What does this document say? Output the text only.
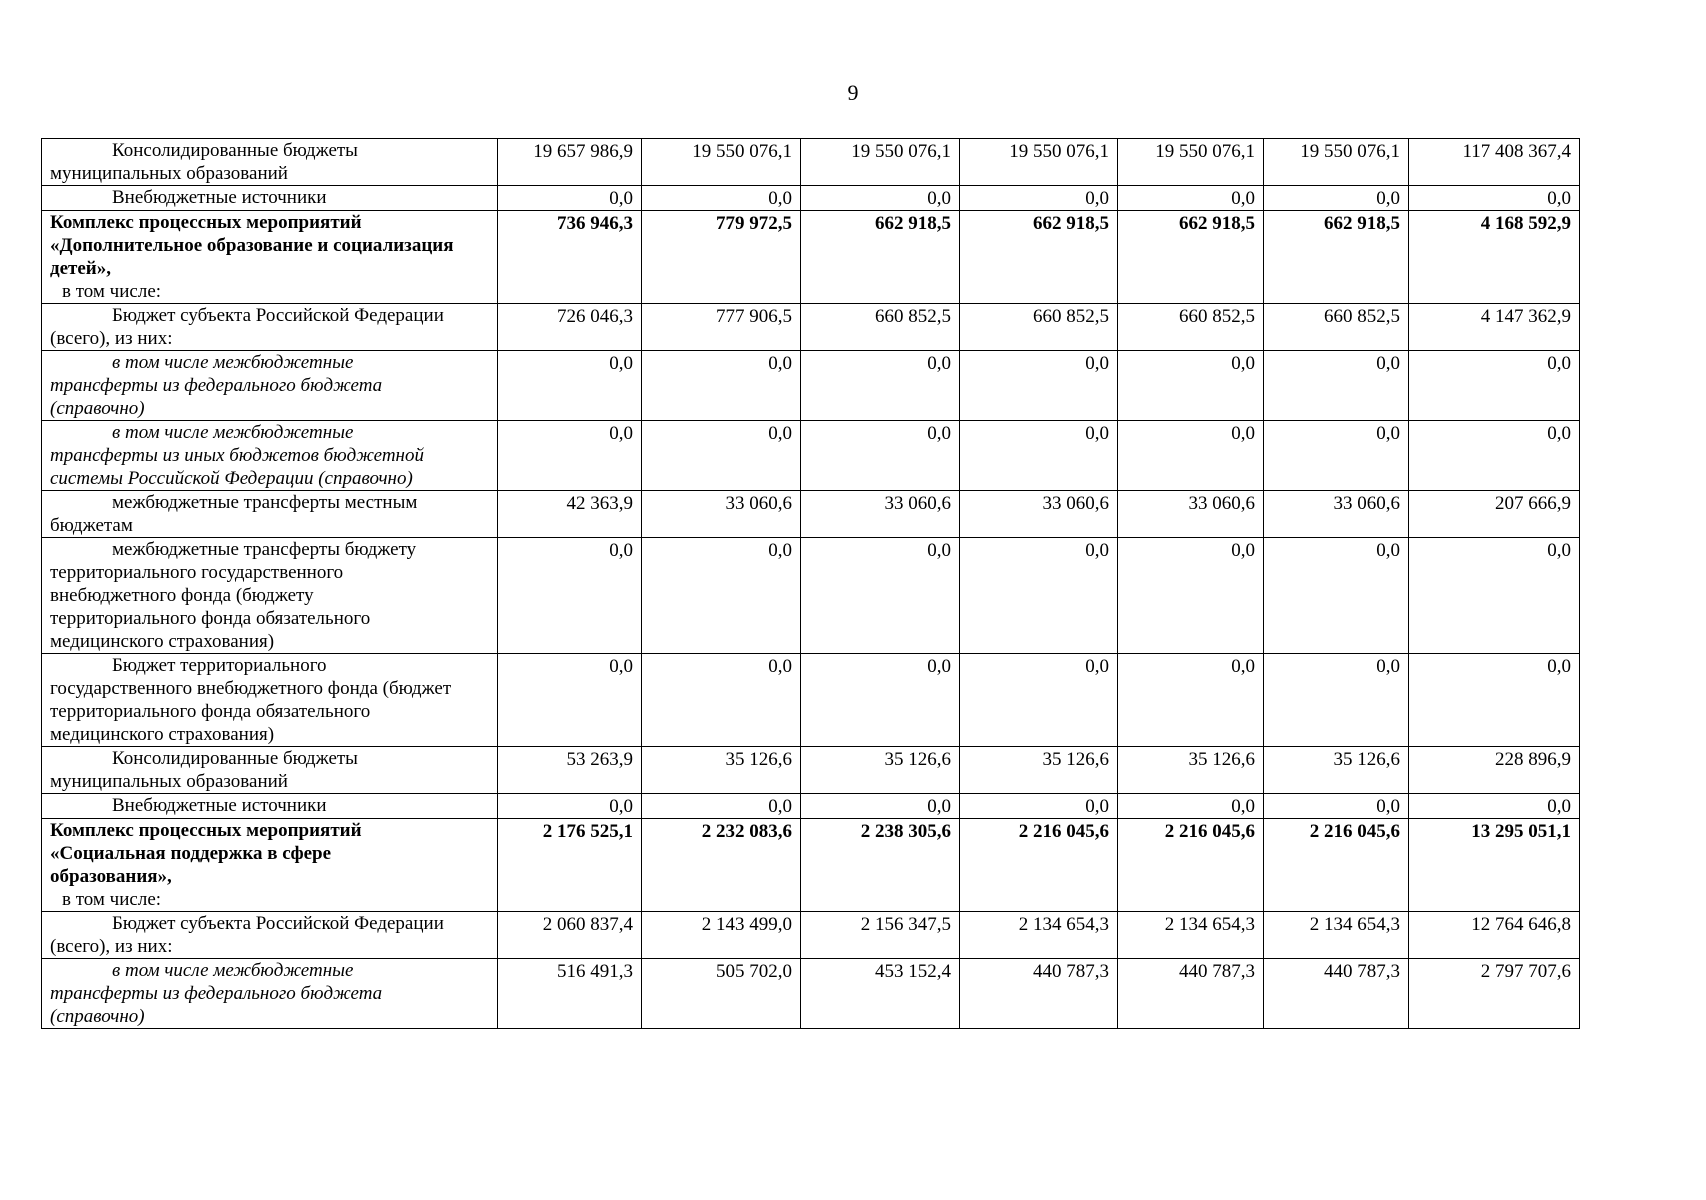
9
Консолидированные бюджеты
муниципальных образований	19 657 986,9	19 550 076,1	19 550 076,1	19 550 076,1	19 550 076,1	19 550 076,1	117 408 367,4

Внебюджетные источники	0,0	0,0	0,0	0,0	0,0	0,0	0,0

Комплекс процессных мероприятий
«Дополнительное образование и социализация
детей»,
в том числе:	736 946,3	779 972,5	662 918,5	662 918,5	662 918,5	662 918,5	4 168 592,9

Бюджет субъекта Российской Федерации
(всего), из них:	726 046,3	777 906,5	660 852,5	660 852,5	660 852,5	660 852,5	4 147 362,9

в том числе межбюджетные
трансферты из федерального бюджета
(справочно)	0,0	0,0	0,0	0,0	0,0	0,0	0,0

в том числе межбюджетные
трансферты из иных бюджетов бюджетной
системы Российской Федерации (справочно)	0,0	0,0	0,0	0,0	0,0	0,0	0,0

межбюджетные трансферты местным
бюджетам	42 363,9	33 060,6	33 060,6	33 060,6	33 060,6	33 060,6	207 666,9

межбюджетные трансферты бюджету
территориального государственного
внебюджетного фонда (бюджету
территориального фонда обязательного
медицинского страхования)	0,0	0,0	0,0	0,0	0,0	0,0	0,0

Бюджет территориального
государственного внебюджетного фонда (бюджет
территориального фонда обязательного
медицинского страхования)	0,0	0,0	0,0	0,0	0,0	0,0	0,0

Консолидированные бюджеты
муниципальных образований	53 263,9	35 126,6	35 126,6	35 126,6	35 126,6	35 126,6	228 896,9

Внебюджетные источники	0,0	0,0	0,0	0,0	0,0	0,0	0,0

Комплекс процессных мероприятий
«Социальная поддержка в сфере
образования»,
в том числе:	2 176 525,1	2 232 083,6	2 238 305,6	2 216 045,6	2 216 045,6	2 216 045,6	13 295 051,1

Бюджет субъекта Российской Федерации
(всего), из них:	2 060 837,4	2 143 499,0	2 156 347,5	2 134 654,3	2 134 654,3	2 134 654,3	12 764 646,8

в том числе межбюджетные
трансферты из федерального бюджета
(справочно)	516 491,3	505 702,0	453 152,4	440 787,3	440 787,3	440 787,3	2 797 707,6
